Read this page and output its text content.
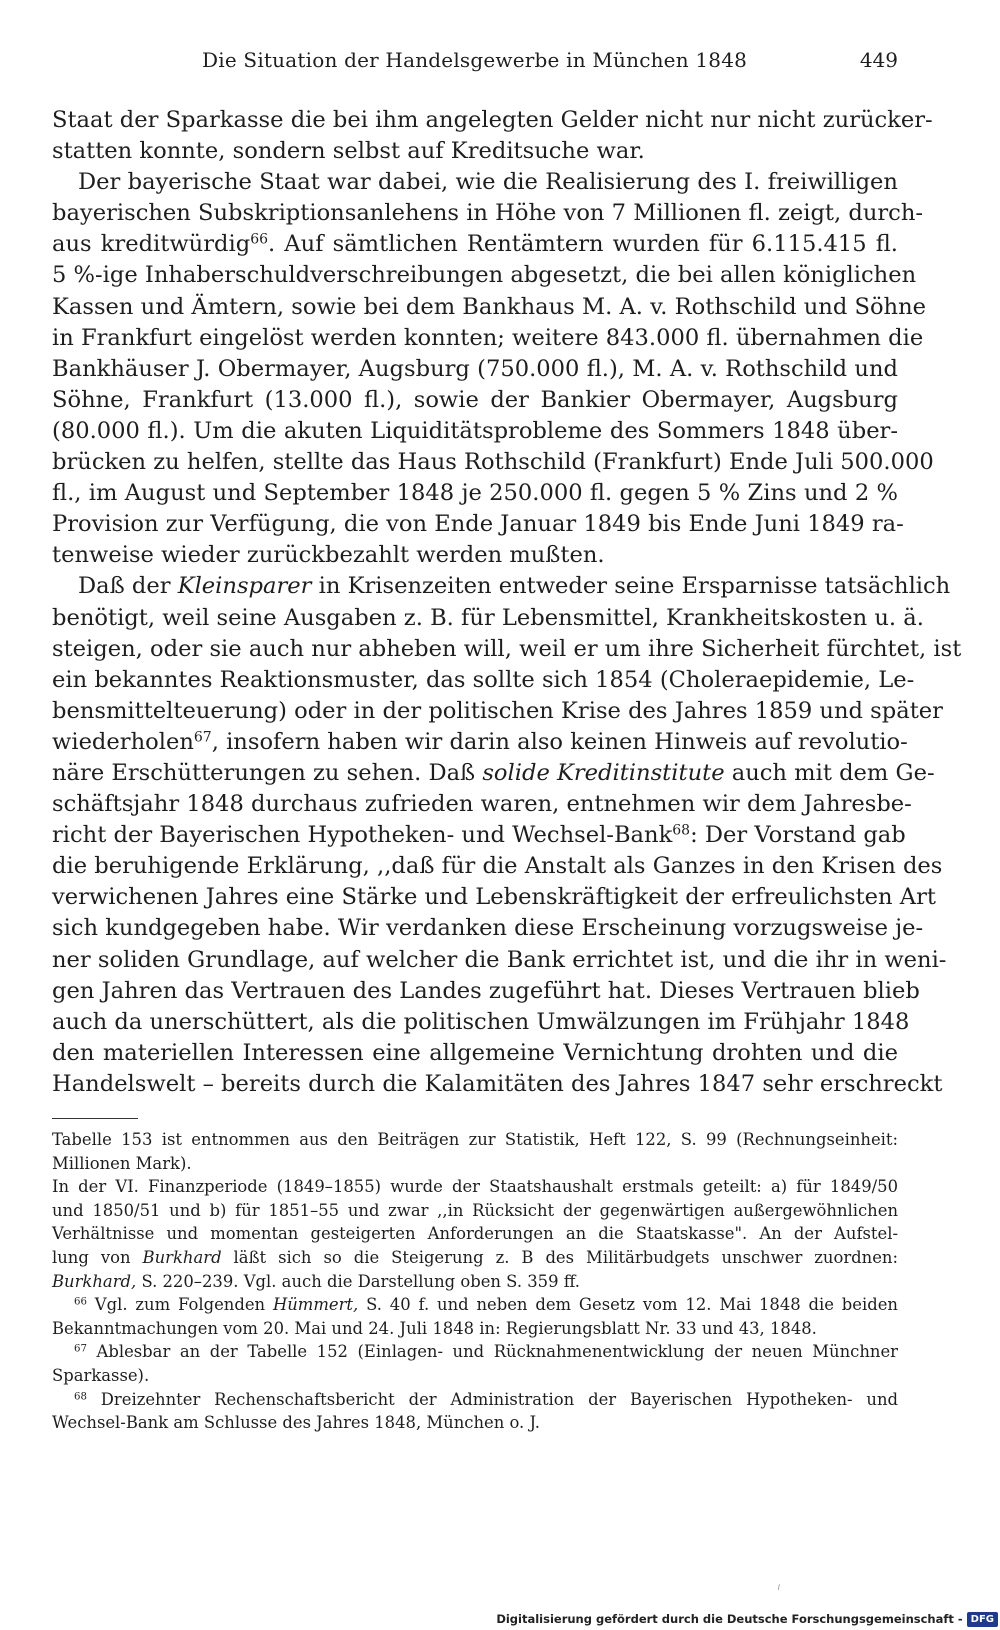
Die Situation der Handelsgewerbe in München 1848	449
Staat der Sparkasse die bei ihm angelegten Gelder nicht nur nicht zurücker-
statten konnte, sondern selbst auf Kreditsuche war.
Der bayerische Staat war dabei, wie die Realisierung des I. freiwilligen
bayerischen Subskriptionsanlehens in Höhe von 7 Millionen fl. zeigt, durch-
aus kreditwürdig$^{66}$. Auf sämtlichen Rentämtern wurden für 6.115.415 fl.
5 %-ige Inhaberschuldverschreibungen abgesetzt, die bei allen königlichen
Kassen und Ämtern, sowie bei dem Bankhaus M. A. v. Rothschild und Söhne
in Frankfurt eingelöst werden konnten; weitere 843.000 fl. übernahmen die
Bankhäuser J. Obermayer, Augsburg (750.000 fl.), M. A. v. Rothschild und
Söhne, Frankfurt (13.000 fl.), sowie der Bankier Obermayer, Augsburg
(80.000 fl.). Um die akuten Liquiditätsprobleme des Sommers 1848 über-
brücken zu helfen, stellte das Haus Rothschild (Frankfurt) Ende Juli 500.000
fl., im August und September 1848 je 250.000 fl. gegen 5 % Zins und 2 %
Provision zur Verfügung, die von Ende Januar 1849 bis Ende Juni 1849 ra-
tenweise wieder zurückbezahlt werden mußten.
Daß der Kleinsparer in Krisenzeiten entweder seine Ersparnisse tatsächlich
benötigt, weil seine Ausgaben z. B. für Lebensmittel, Krankheitskosten u. ä.
steigen, oder sie auch nur abheben will, weil er um ihre Sicherheit fürchtet, ist
ein bekanntes Reaktionsmuster, das sollte sich 1854 (Choleraepidemie, Le-
bensmittelteuerung) oder in der politischen Krise des Jahres 1859 und später
wiederholen$^{67}$, insofern haben wir darin also keinen Hinweis auf revolutio-
näre Erschütterungen zu sehen. Daß solide Kreditinstitute auch mit dem Ge-
schäftsjahr 1848 durchaus zufrieden waren, entnehmen wir dem Jahresbe-
richt der Bayerischen Hypotheken- und Wechsel-Bank$^{68}$: Der Vorstand gab
die beruhigende Erklärung, ,,daß für die Anstalt als Ganzes in den Krisen des
verwichenen Jahres eine Stärke und Lebenskräftigkeit der erfreulichsten Art
sich kundgegeben habe. Wir verdanken diese Erscheinung vorzugsweise je-
ner soliden Grundlage, auf welcher die Bank errichtet ist, und die ihr in weni-
gen Jahren das Vertrauen des Landes zugeführt hat. Dieses Vertrauen blieb
auch da unerschüttert, als die politischen Umwälzungen im Frühjahr 1848
den materiellen Interessen eine allgemeine Vernichtung drohten und die
Handelswelt – bereits durch die Kalamitäten des Jahres 1847 sehr erschreckt
Tabelle 153 ist entnommen aus den Beiträgen zur Statistik, Heft 122, S. 99 (Rechnungseinheit:
Millionen Mark).
In der VI. Finanzperiode (1849–1855) wurde der Staatshaushalt erstmals geteilt: a) für 1849/50
und 1850/51 und b) für 1851–55 und zwar ,,in Rücksicht der gegenwärtigen außergewöhnlichen
Verhältnisse und momentan gesteigerten Anforderungen an die Staatskasse". An der Aufstel-
lung von Burkhard läßt sich so die Steigerung z. B des Militärbudgets unschwer zuordnen:
Burkhard, S. 220–239. Vgl. auch die Darstellung oben S. 359 ff.
$^{66}$ Vgl. zum Folgenden Hümmert, S. 40 f. und neben dem Gesetz vom 12. Mai 1848 die beiden
Bekanntmachungen vom 20. Mai und 24. Juli 1848 in: Regierungsblatt Nr. 33 und 43, 1848.
$^{67}$ Ablesbar an der Tabelle 152 (Einlagen- und Rücknahmenentwicklung der neuen Münchner
Sparkasse).
$^{68}$ Dreizehnter Rechenschaftsbericht der Administration der Bayerischen Hypotheken- und
Wechsel-Bank am Schlusse des Jahres 1848, München o. J.
⸝
Digitalisierung gefördert durch die Deutsche Forschungsgemeinschaft - DFG
